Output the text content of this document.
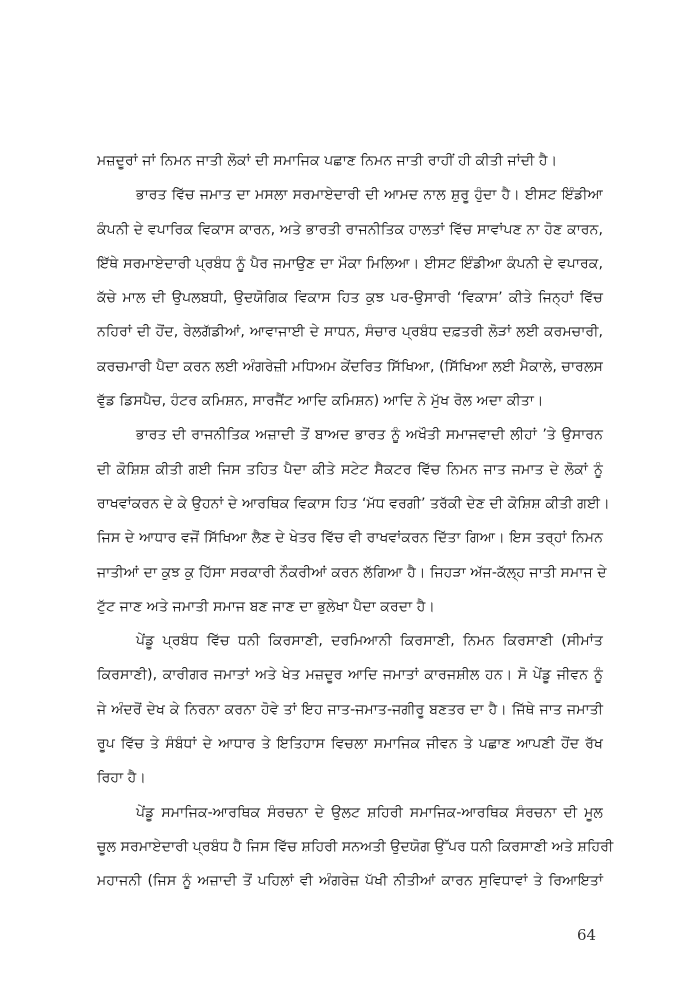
ਮਜ਼ਦੂਰਾਂ ਜਾਂ ਨਿਮਨ ਜਾਤੀ ਲੋਕਾਂ ਦੀ ਸਮਾਜਿਕ ਪਛਾਣ ਨਿਮਨ ਜਾਤੀ ਰਾਹੀਂ ਹੀ ਕੀਤੀ ਜਾਂਦੀ ਹੈ।
ਭਾਰਤ ਵਿੱਚ ਜਮਾਤ ਦਾ ਮਸਲਾ ਸਰਮਾਏਦਾਰੀ ਦੀ ਆਮਦ ਨਾਲ ਸ਼ੁਰੂ ਹੁੰਦਾ ਹੈ। ਈਸਟ ਇੰਡੀਆ
ਕੰਪਨੀ ਦੇ ਵਪਾਰਿਕ ਵਿਕਾਸ ਕਾਰਨ, ਅਤੇ ਭਾਰਤੀ ਰਾਜਨੀਤਿਕ ਹਾਲਤਾਂ ਵਿੱਚ ਸਾਵਾਂਪਣ ਨਾ ਹੋਣ ਕਾਰਨ,
ਇੱਥੇ ਸਰਮਾਏਦਾਰੀ ਪ੍ਰਬੰਧ ਨੂੰ ਪੈਰ ਜਮਾਉਣ ਦਾ ਮੌਕਾ ਮਿਲਿਆ। ਈਸਟ ਇੰਡੀਆ ਕੰਪਨੀ ਦੇ ਵਪਾਰਕ,
ਕੱਚੇ ਮਾਲ ਦੀ ਉਪਲਬਧੀ, ਉਦਯੋਗਿਕ ਵਿਕਾਸ ਹਿਤ ਕੁਝ ਪਰ-ਉਸਾਰੀ ‘ਵਿਕਾਸ’ ਕੀਤੇ ਜਿਨ੍ਹਾਂ ਵਿੱਚ
ਨਹਿਰਾਂ ਦੀ ਹੋਂਦ, ਰੇਲਗੱਡੀਆਂ, ਆਵਾਜਾਈ ਦੇ ਸਾਧਨ, ਸੰਚਾਰ ਪ੍ਰਬੰਧ ਦਫ਼ਤਰੀ ਲੋੜਾਂ ਲਈ ਕਰਮਚਾਰੀ,
ਕਰਚਮਾਰੀ ਪੈਦਾ ਕਰਨ ਲਈ ਅੰਗਰੇਜ਼ੀ ਮਧਿਅਮ ਕੇਂਦਰਿਤ ਸਿੱਖਿਆ, (ਸਿੱਖਿਆ ਲਈ ਮੈਕਾਲੇ, ਚਾਰਲਸ
ਵੁੱਡ ਡਿਸਪੈਚ, ਹੰਟਰ ਕਮਿਸ਼ਨ, ਸਾਰਜੈਂਟ ਆਦਿ ਕਮਿਸ਼ਨ) ਆਦਿ ਨੇ ਮੁੱਖ ਰੋਲ ਅਦਾ ਕੀਤਾ।
ਭਾਰਤ ਦੀ ਰਾਜਨੀਤਿਕ ਅਜ਼ਾਦੀ ਤੋਂ ਬਾਅਦ ਭਾਰਤ ਨੂੰ ਅਖੌਤੀ ਸਮਾਜਵਾਦੀ ਲੀਹਾਂ ’ਤੇ ਉਸਾਰਨ
ਦੀ ਕੋਸ਼ਿਸ਼ ਕੀਤੀ ਗਈ ਜਿਸ ਤਹਿਤ ਪੈਦਾ ਕੀਤੇ ਸਟੇਟ ਸੈਕਟਰ ਵਿੱਚ ਨਿਮਨ ਜਾਤ ਜਮਾਤ ਦੇ ਲੋਕਾਂ ਨੂੰ
ਰਾਖਵਾਂਕਰਨ ਦੇ ਕੇ ਉਹਨਾਂ ਦੇ ਆਰਥਿਕ ਵਿਕਾਸ ਹਿਤ ‘ਮੱਧ ਵਰਗੀ’ ਤਰੱਕੀ ਦੇਣ ਦੀ ਕੋਸ਼ਿਸ਼ ਕੀਤੀ ਗਈ।
ਜਿਸ ਦੇ ਆਧਾਰ ਵਜੋਂ ਸਿੱਖਿਆ ਲੈਣ ਦੇ ਖੇਤਰ ਵਿੱਚ ਵੀ ਰਾਖਵਾਂਕਰਨ ਦਿੱਤਾ ਗਿਆ। ਇਸ ਤਰ੍ਹਾਂ ਨਿਮਨ
ਜਾਤੀਆਂ ਦਾ ਕੁਝ ਕੁ ਹਿੱਸਾ ਸਰਕਾਰੀ ਨੌਕਰੀਆਂ ਕਰਨ ਲੱਗਿਆ ਹੈ। ਜਿਹੜਾ ਅੱਜ-ਕੱਲ੍ਹ ਜਾਤੀ ਸਮਾਜ ਦੇ
ਟੁੱਟ ਜਾਣ ਅਤੇ ਜਮਾਤੀ ਸਮਾਜ ਬਣ ਜਾਣ ਦਾ ਭੁਲੇਖਾ ਪੈਦਾ ਕਰਦਾ ਹੈ।
ਪੇਂਡੂ ਪ੍ਰਬੰਧ ਵਿੱਚ ਧਨੀ ਕਿਰਸਾਣੀ, ਦਰਮਿਆਨੀ ਕਿਰਸਾਣੀ, ਨਿਮਨ ਕਿਰਸਾਣੀ (ਸੀਮਾਂਤ
ਕਿਰਸਾਣੀ), ਕਾਰੀਗਰ ਜਮਾਤਾਂ ਅਤੇ ਖੇਤ ਮਜ਼ਦੂਰ ਆਦਿ ਜਮਾਤਾਂ ਕਾਰਜਸ਼ੀਲ ਹਨ। ਸੋ ਪੇਂਡੂ ਜੀਵਨ ਨੂੰ
ਜੇ ਅੰਦਰੋਂ ਦੇਖ ਕੇ ਨਿਰਨਾ ਕਰਨਾ ਹੋਵੇ ਤਾਂ ਇਹ ਜਾਤ-ਜਮਾਤ-ਜਗੀਰੂ ਬਣਤਰ ਦਾ ਹੈ। ਜਿੱਥੇ ਜਾਤ ਜਮਾਤੀ
ਰੂਪ ਵਿੱਚ ਤੇ ਸੰਬੰਧਾਂ ਦੇ ਆਧਾਰ ਤੇ ਇਤਿਹਾਸ ਵਿਚਲਾ ਸਮਾਜਿਕ ਜੀਵਨ ਤੇ ਪਛਾਣ ਆਪਣੀ ਹੋਂਦ ਰੱਖ
ਰਿਹਾ ਹੈ।
ਪੇਂਡੂ ਸਮਾਜਿਕ-ਆਰਥਿਕ ਸੰਰਚਨਾ ਦੇ ਉਲਟ ਸ਼ਹਿਰੀ ਸਮਾਜਿਕ-ਆਰਥਿਕ ਸੰਰਚਨਾ ਦੀ ਮੂਲ
ਚੂਲ ਸਰਮਾਏਦਾਰੀ ਪ੍ਰਬੰਧ ਹੈ ਜਿਸ ਵਿੱਚ ਸ਼ਹਿਰੀ ਸਨਅਤੀ ਉਦਯੋਗ ਉੱਪਰ ਧਨੀ ਕਿਰਸਾਣੀ ਅਤੇ ਸ਼ਹਿਰੀ
ਮਹਾਜਨੀ (ਜਿਸ ਨੂੰ ਅਜ਼ਾਦੀ ਤੋਂ ਪਹਿਲਾਂ ਵੀ ਅੰਗਰੇਜ਼ ਪੱਖੀ ਨੀਤੀਆਂ ਕਾਰਨ ਸੁਵਿਧਾਵਾਂ ਤੇ ਰਿਆਇਤਾਂ
64
